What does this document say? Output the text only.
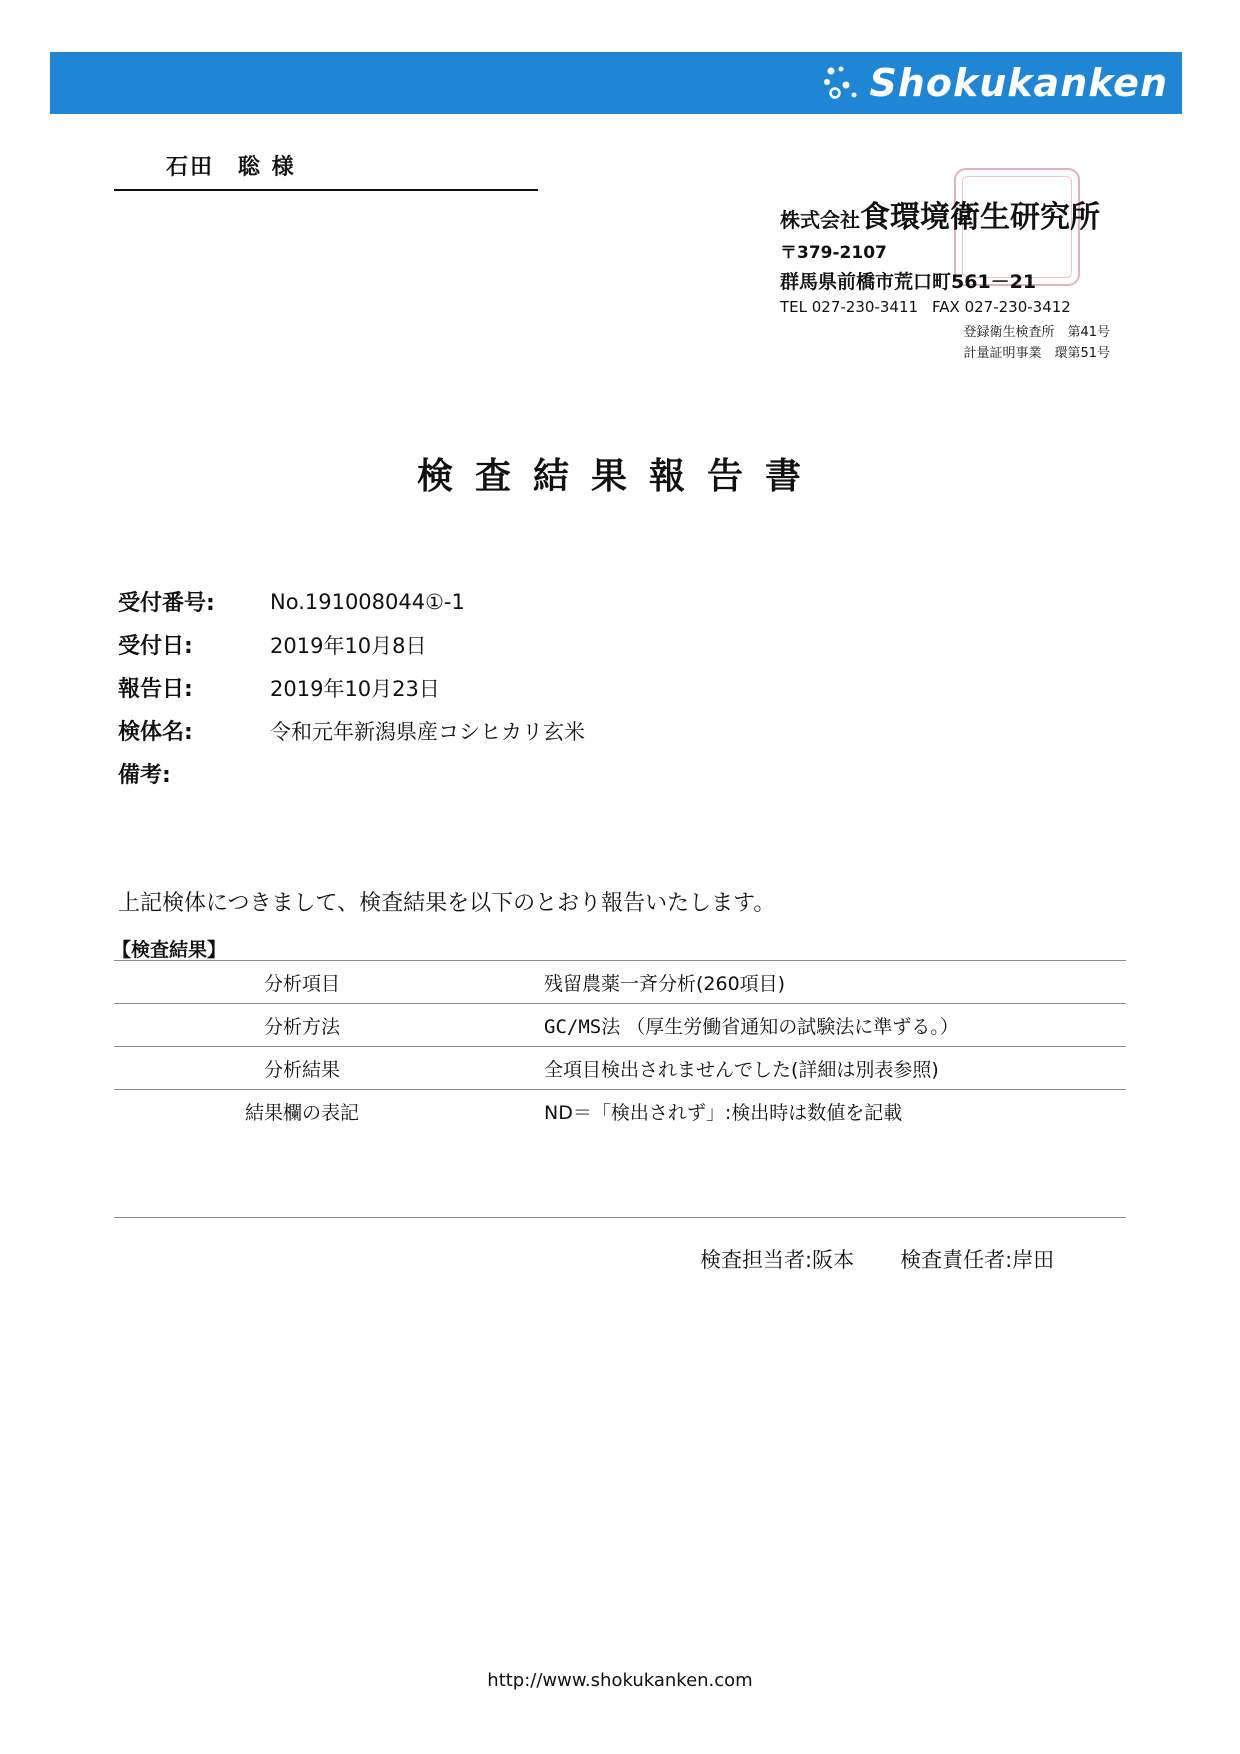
Shokukanken
石田　聡 様
株式会社食環境衛生研究所
〒379-2107
群馬県前橋市荒口町561－21
TEL 027-230-3411 FAX 027-230-3412
登録衛生検査所　第41号
計量証明事業　環第51号
検査結果報告書
受付番号:	No.191008044①-1
受付日:	2019年10月8日
報告日:	2019年10月23日
検体名:	令和元年新潟県産コシヒカリ玄米
備考:
上記検体につきまして、検査結果を以下のとおり報告いたします。
【検査結果】
分析項目	残留農薬一斉分析(260項目)
分析方法	GC/MS法 （厚生労働省通知の試験法に準ずる。）
分析結果	全項目検出されませんでした(詳細は別表参照)
結果欄の表記	ND＝「検出されず」:検出時は数値を記載
検査担当者:阪本 検査責任者:岸田
http://www.shokukanken.com
